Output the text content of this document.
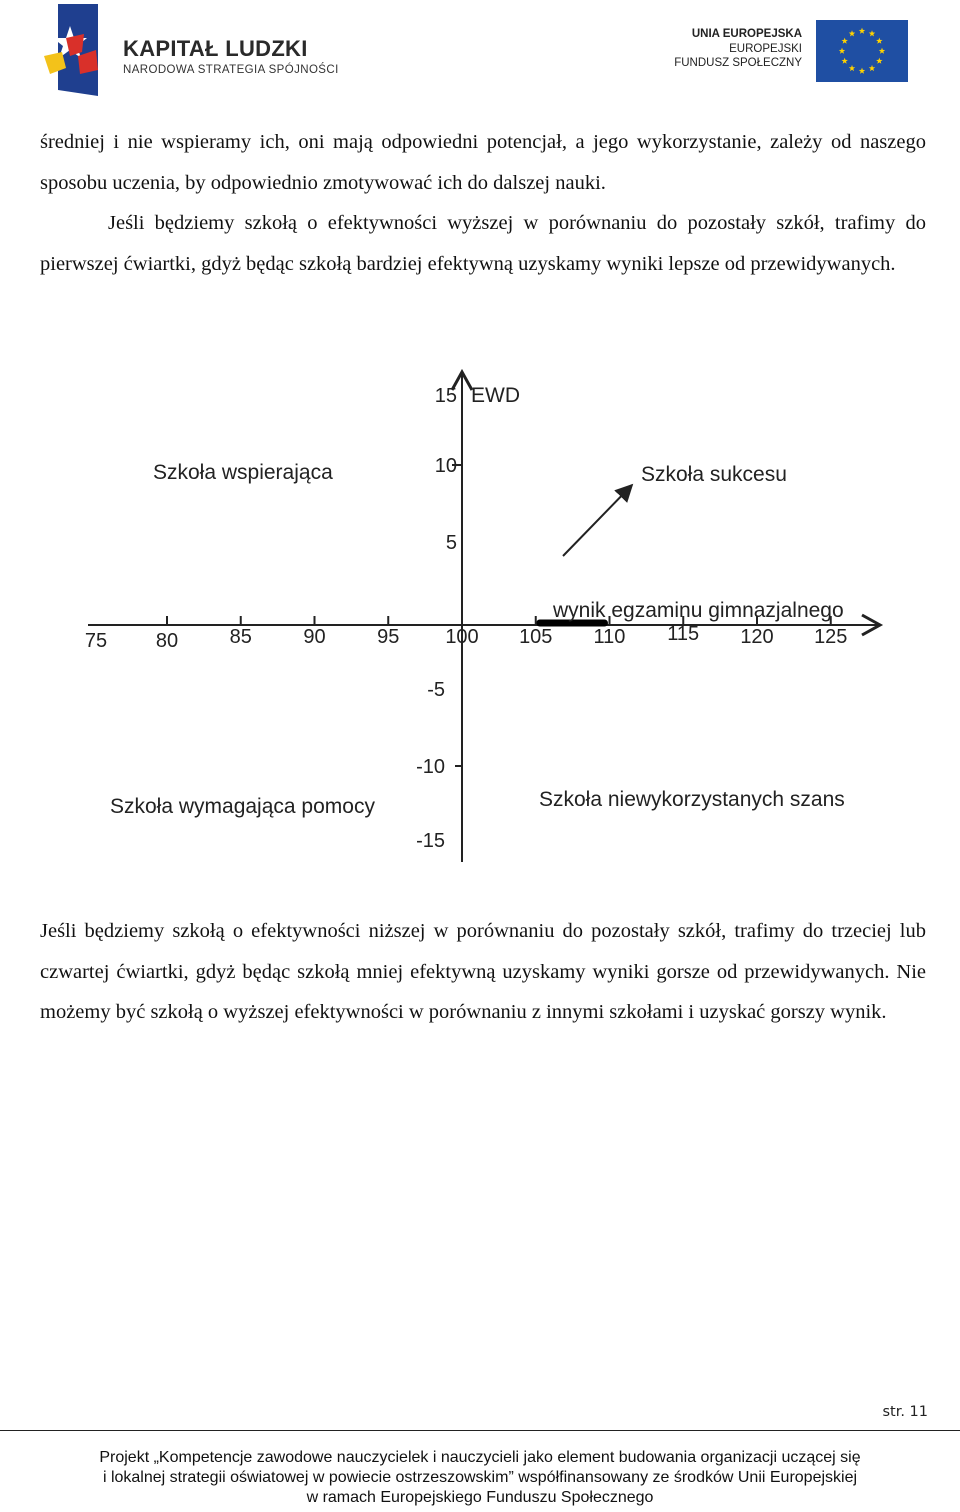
KAPITAŁ LUDZKI
NARODOWA STRATEGIA SPÓJNOŚCI
UNIA EUROPEJSKA
EUROPEJSKI
FUNDUSZ SPOŁECZNY
średniej i nie wspieramy ich, oni mają odpowiedni potencjał, a jego wykorzystanie, zależy od naszego sposobu uczenia, by odpowiednio zmotywować ich do dalszej nauki.
Jeśli będziemy szkołą o efektywności wyższej w porównaniu do pozostały szkół, trafimy do pierwszej ćwiartki, gdyż będąc szkołą bardziej efektywną uzyskamy wyniki lepsze od przewidywanych.
75 80	85	90	95 100 105 110 115 120 125
15
10
5
-5
-10
-15
EWD
wynik egzaminu gimnazjalnego
Szkoła wspierająca	Szkoła sukcesu
Szkoła wymagająca pomocy	Szkoła niewykorzystanych szans
Jeśli będziemy szkołą o efektywności niższej w porównaniu do pozostały szkół, trafimy do trzeciej lub czwartej ćwiartki, gdyż będąc szkołą mniej efektywną uzyskamy wyniki gorsze od przewidywanych. Nie możemy być szkołą o wyższej efektywności w porównaniu z innymi szkołami i uzyskać gorszy wynik.
str. 11
Projekt „Kompetencje zawodowe nauczycielek i nauczycieli jako element budowania organizacji uczącej się
i lokalnej strategii oświatowej w powiecie ostrzeszowskim” współfinansowany ze środków Unii Europejskiej
w ramach Europejskiego Funduszu Społecznego
